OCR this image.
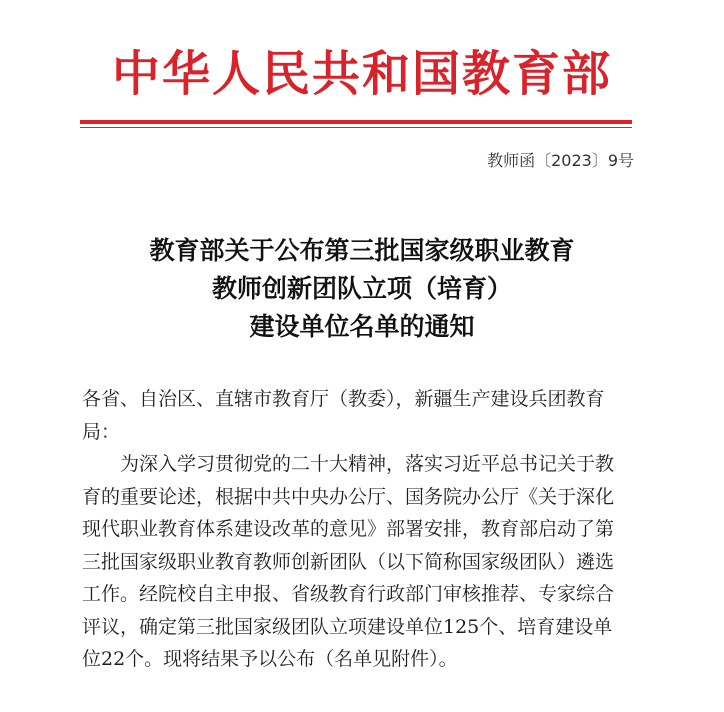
中华人民共和国教育部
教师函〔2023〕9号
教育部关于公布第三批国家级职业教育
教师创新团队立项（培育）
建设单位名单的通知

各省、自治区、直辖市教育厅（教委），新疆生产建设兵团教育

局：

为深入学习贯彻党的二十大精神，落实习近平总书记关于教

育的重要论述，根据中共中央办公厅、国务院办公厅《关于深化

现代职业教育体系建设改革的意见》部署安排，教育部启动了第

三批国家级职业教育教师创新团队（以下简称国家级团队）遴选

工作。经院校自主申报、省级教育行政部门审核推荐、专家综合

评议，确定第三批国家级团队立项建设单位125个、培育建设单

位22个。现将结果予以公布（名单见附件）。
